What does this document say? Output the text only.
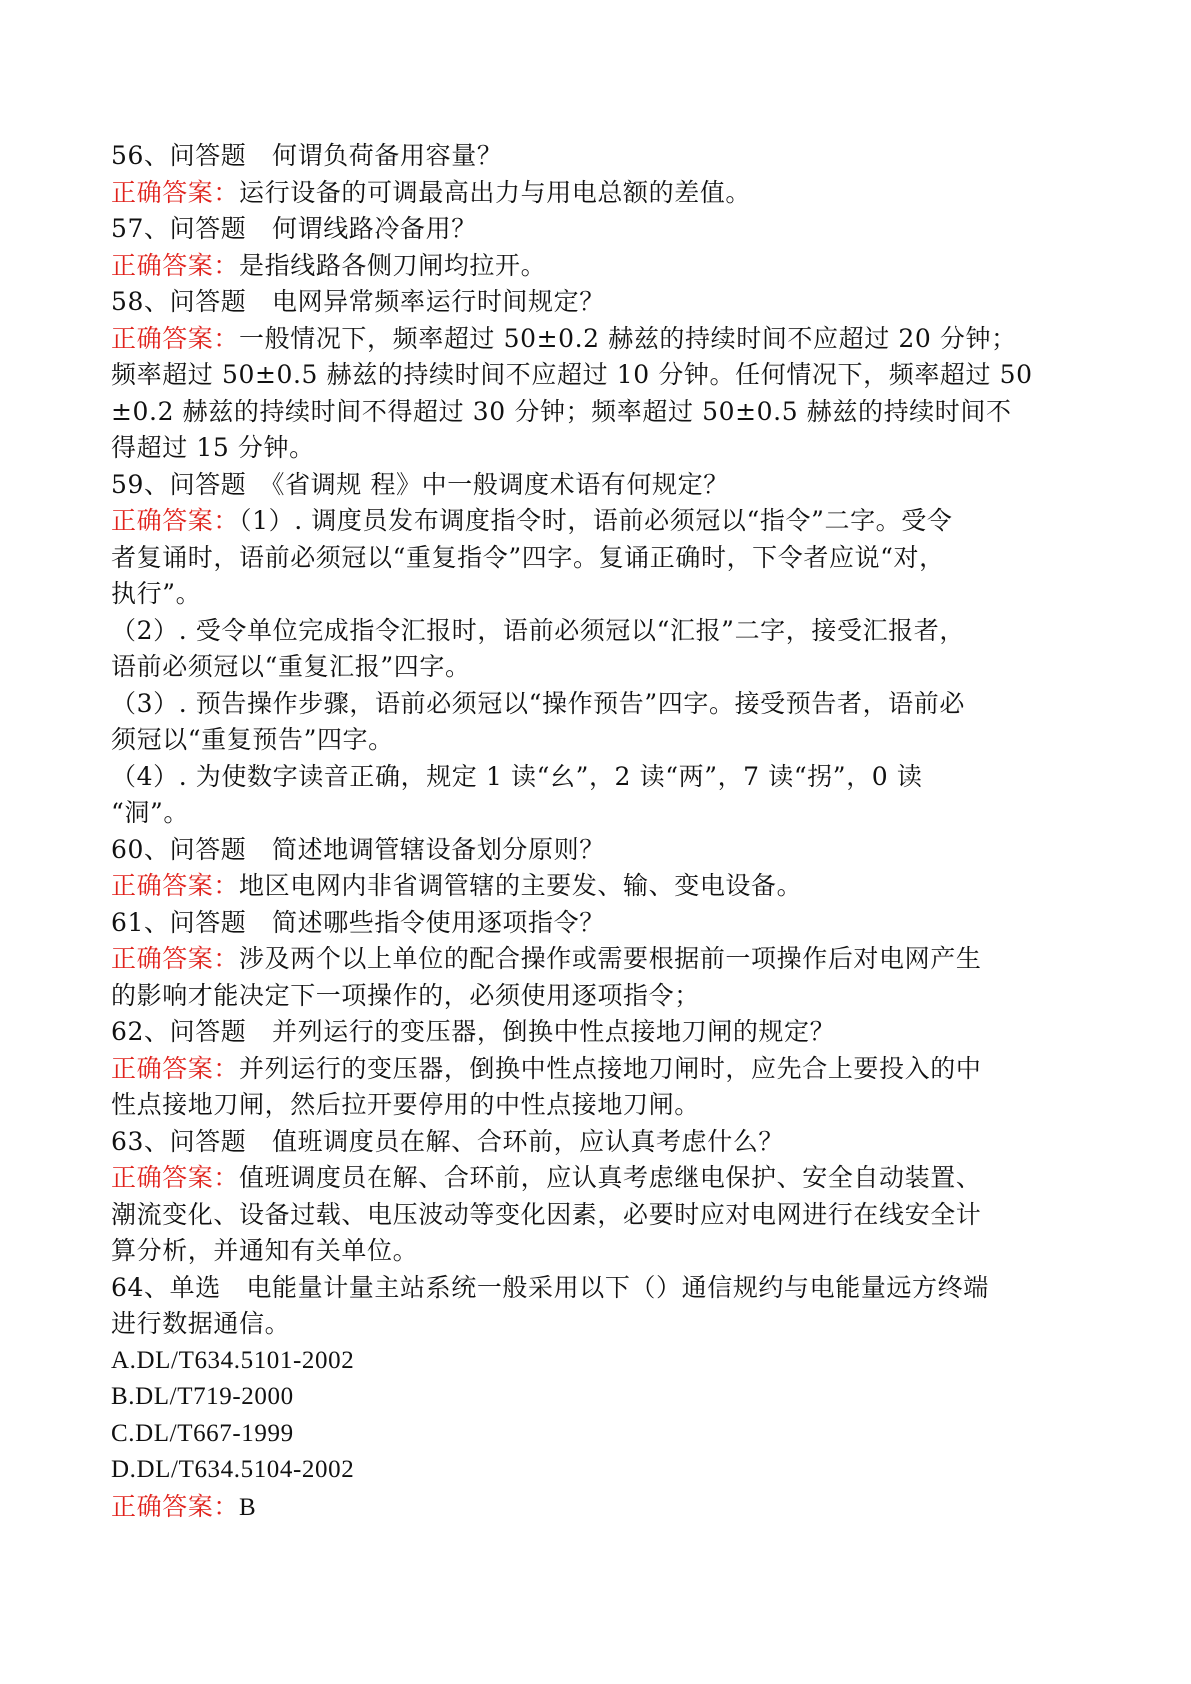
56、问答题　何谓负荷备用容量？
正确答案：运行设备的可调最高出力与用电总额的差值。
57、问答题　何谓线路冷备用？
正确答案：是指线路各侧刀闸均拉开。
58、问答题　电网异常频率运行时间规定？
正确答案：一般情况下，频率超过 50±0.2 赫兹的持续时间不应超过 20 分钟；
频率超过 50±0.5 赫兹的持续时间不应超过 10 分钟。任何情况下，频率超过 50
±0.2 赫兹的持续时间不得超过 30 分钟；频率超过 50±0.5 赫兹的持续时间不
得超过 15 分钟。
59、问答题　《省调规 程》中一般调度术语有何规定？
正确答案：（1）. 调度员发布调度指令时，语前必须冠以“指令”二字。受令
者复诵时，语前必须冠以“重复指令”四字。复诵正确时，下令者应说“对，
执行”。
（2）. 受令单位完成指令汇报时，语前必须冠以“汇报”二字，接受汇报者，
语前必须冠以“重复汇报”四字。
（3）. 预告操作步骤，语前必须冠以“操作预告”四字。接受预告者，语前必
须冠以“重复预告”四字。
（4）. 为使数字读音正确，规定 1 读“幺”，2 读“两”，7 读“拐”，0 读
“洞”。
60、问答题　简述地调管辖设备划分原则？
正确答案：地区电网内非省调管辖的主要发、输、变电设备。
61、问答题　简述哪些指令使用逐项指令？
正确答案：涉及两个以上单位的配合操作或需要根据前一项操作后对电网产生
的影响才能决定下一项操作的，必须使用逐项指令；
62、问答题　并列运行的变压器，倒换中性点接地刀闸的规定？
正确答案：并列运行的变压器，倒换中性点接地刀闸时，应先合上要投入的中
性点接地刀闸，然后拉开要停用的中性点接地刀闸。
63、问答题　值班调度员在解、合环前，应认真考虑什么？
正确答案：值班调度员在解、合环前，应认真考虑继电保护、安全自动装置、
潮流变化、设备过载、电压波动等变化因素，必要时应对电网进行在线安全计
算分析，并通知有关单位。
64、单选　电能量计量主站系统一般采用以下（）通信规约与电能量远方终端
进行数据通信。
A.DL/T634.5101-2002
B.DL/T719-2000
C.DL/T667-1999
D.DL/T634.5104-2002
正确答案：B
